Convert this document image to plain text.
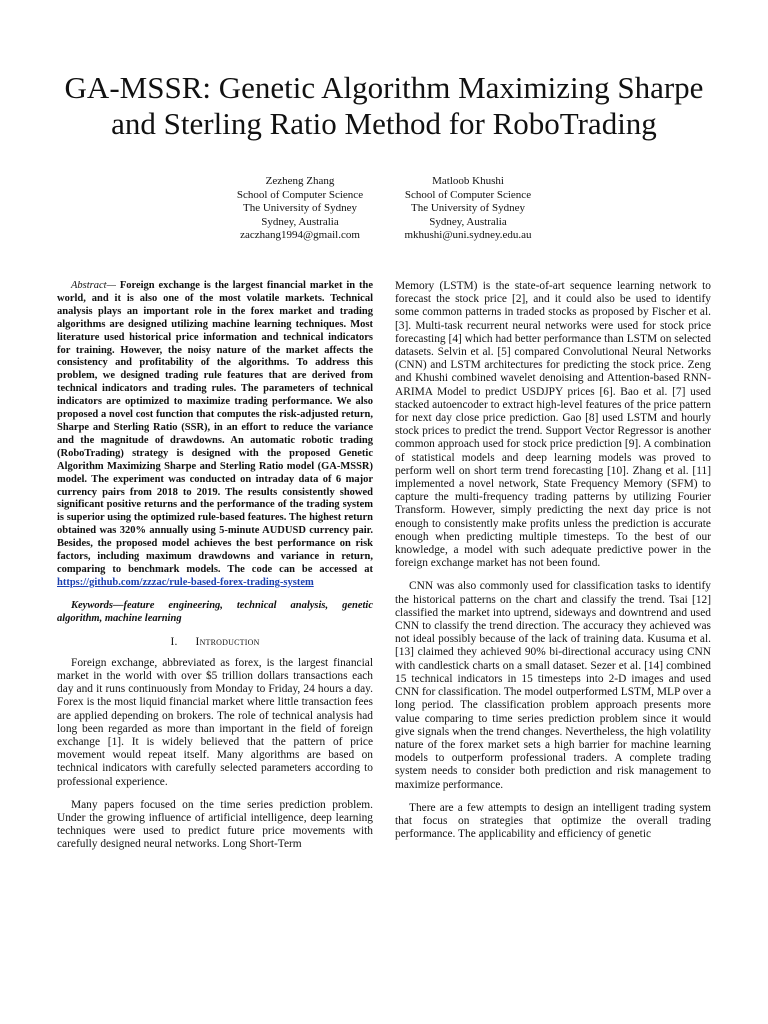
GA-MSSR: Genetic Algorithm Maximizing Sharpe and Sterling Ratio Method for RoboTrading
Zezheng Zhang
School of Computer Science
The University of Sydney
Sydney, Australia
zaczhang1994@gmail.com
Matloob Khushi
School of Computer Science
The University of Sydney
Sydney, Australia
mkhushi@uni.sydney.edu.au

Abstract— Foreign exchange is the largest financial market in the world, and it is also one of the most volatile markets. Technical analysis plays an important role in the forex market and trading algorithms are designed utilizing machine learning techniques. Most literature used historical price information and technical indicators for training. However, the noisy nature of the market affects the consistency and profitability of the algorithms. To address this problem, we designed trading rule features that are derived from technical indicators and trading rules. The parameters of technical indicators are optimized to maximize trading performance. We also proposed a novel cost function that computes the risk-adjusted return, Sharpe and Sterling Ratio (SSR), in an effort to reduce the variance and the magnitude of drawdowns. An automatic robotic trading (RoboTrading) strategy is designed with the proposed Genetic Algorithm Maximizing Sharpe and Sterling Ratio model (GA-MSSR) model. The experiment was conducted on intraday data of 6 major currency pairs from 2018 to 2019. The results consistently showed significant positive returns and the performance of the trading system is superior using the optimized rule-based features. The highest return obtained was 320% annually using 5-minute AUDUSD currency pair. Besides, the proposed model achieves the best performance on risk factors, including maximum drawdowns and variance in return, comparing to benchmark models. The code can be accessed at https://github.com/zzzac/rule-based-forex-trading-system

Keywords—feature engineering, technical analysis, genetic algorithm, machine learning

I. Introduction

Foreign exchange, abbreviated as forex, is the largest financial market in the world with over $5 trillion dollars transactions each day and it runs continuously from Monday to Friday, 24 hours a day. Forex is the most liquid financial market where little transaction fees are applied depending on brokers. The role of technical analysis had long been regarded as more than important in the field of foreign exchange [1]. It is widely believed that the pattern of price movement would repeat itself. Many algorithms are based on technical indicators with carefully selected parameters according to professional experience.

Many papers focused on the time series prediction problem. Under the growing influence of artificial intelligence, deep learning techniques were used to predict future price movements with carefully designed neural networks. Long Short-Term

Memory (LSTM) is the state-of-art sequence learning network to forecast the stock price [2], and it could also be used to identify some common patterns in traded stocks as proposed by Fischer et al. [3]. Multi-task recurrent neural networks were used for stock price forecasting [4] which had better performance than LSTM on selected datasets. Selvin et al. [5] compared Convolutional Neural Networks (CNN) and LSTM architectures for predicting the stock price. Zeng and Khushi combined wavelet denoising and Attention-based RNN-ARIMA Model to predict USDJPY prices [6]. Bao et al. [7] used stacked autoencoder to extract high-level features of the price pattern for next day close price prediction. Gao [8] used LSTM and hourly stock prices to predict the trend. Support Vector Regressor is another common approach used for stock price prediction [9]. A combination of statistical models and deep learning models was proved to perform well on short term trend forecasting [10]. Zhang et al. [11] implemented a novel network, State Frequency Memory (SFM) to capture the multi-frequency trading patterns by utilizing Fourier Transform. However, simply predicting the next day price is not enough to consistently make profits unless the prediction is accurate enough when predicting multiple timesteps. To the best of our knowledge, a model with such adequate predictive power in the foreign exchange market has not been found.

CNN was also commonly used for classification tasks to identify the historical patterns on the chart and classify the trend. Tsai [12] classified the market into uptrend, sideways and downtrend and used CNN to classify the trend direction. The accuracy they achieved was not ideal possibly because of the lack of training data. Kusuma et al. [13] claimed they achieved 90% bi-directional accuracy using CNN with candlestick charts on a small dataset. Sezer et al. [14] combined 15 technical indicators in 15 timesteps into 2-D images and used CNN for classification. The model outperformed LSTM, MLP over a long period. The classification problem approach presents more value comparing to time series prediction problem since it would give signals when the trend changes. Nevertheless, the high volatility nature of the forex market sets a high barrier for machine learning models to outperform professional traders. A complete trading system needs to consider both prediction and risk management to maximize performance.

There are a few attempts to design an intelligent trading system that focus on strategies that optimize the overall trading performance. The applicability and efficiency of genetic
